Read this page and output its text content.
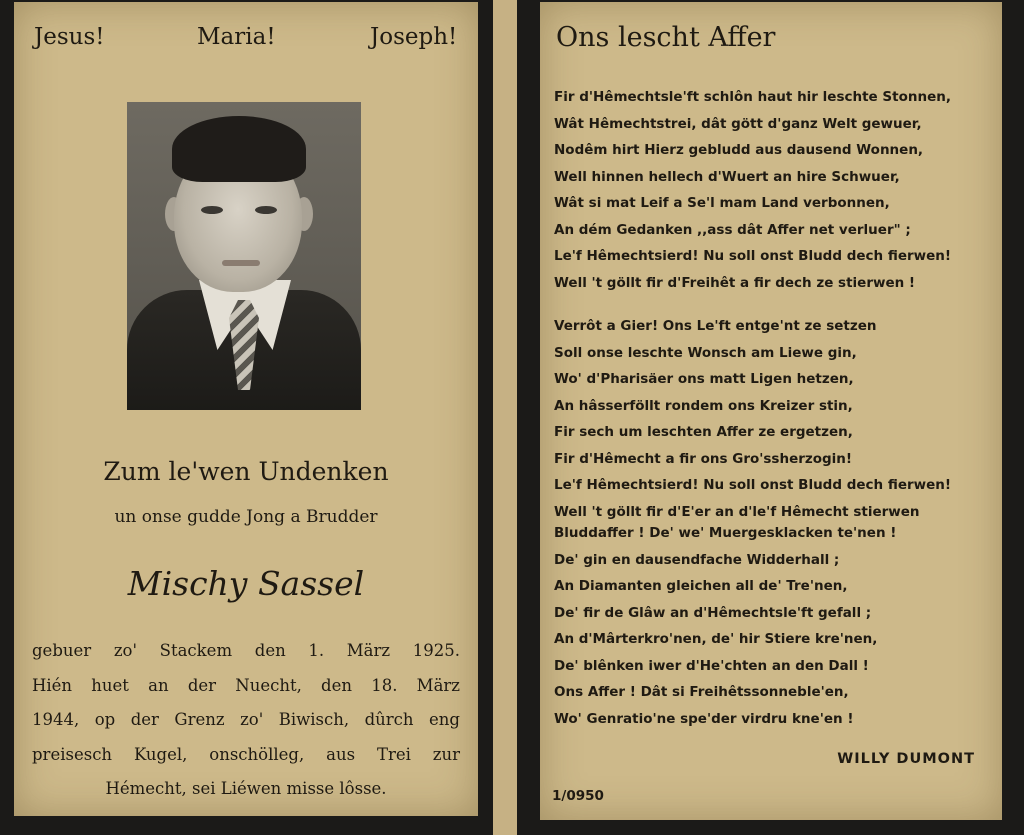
Jesus!	Maria!	Joseph!
Zum le'wen Undenken
un onse gudde Jong a Brudder
Mischy Sassel
gebuer zo' Stackem den 1. März 1925.
Hién huet an der Nuecht, den 18. März
1944, op der Grenz zo' Biwisch, dûrch eng
preisesch Kugel, onschölleg, aus Trei zur
Hémecht, sei Liéwen misse lôsse.
Ons lescht Affer
Fir d'Hêmechtsle'ft schlôn haut hir leschte Stonnen,
Wât Hêmechtstrei, dât gött d'ganz Welt gewuer,
Nodêm hirt Hierz gebludd aus dausend Wonnen,
Well hinnen hellech d'Wuert an hire Schwuer,
Wât si mat Leif a Se'l mam Land verbonnen,
An dém Gedanken ,,ass dât Affer net verluer" ;
Le'f Hêmechtsierd! Nu soll onst Bludd dech fierwen!
Well 't göllt fir d'Freihêt a fir dech ze stierwen !
Verrôt a Gier! Ons Le'ft entge'nt ze setzen
Soll onse leschte Wonsch am Liewe gin,
Wo' d'Pharisäer ons matt Ligen hetzen,
An hâsserföllt rondem ons Kreizer stin,
Fir sech um leschten Affer ze ergetzen,
Fir d'Hêmecht a fir ons Gro'ssherzogin!
Le'f Hêmechtsierd! Nu soll onst Bludd dech fierwen!
Well 't göllt fir d'E'er an d'le'f Hêmecht stierwen
Bluddaffer ! De' we' Muergesklacken te'nen !
De' gin en dausendfache Widderhall ;
An Diamanten gleichen all de' Tre'nen,
De' fir de Glâw an d'Hêmechtsle'ft gefall ;
An d'Mârterkro'nen, de' hir Stiere kre'nen,
De' blênken iwer d'He'chten an den Dall !
Ons Affer ! Dât si Freihêtssonneble'en,
Wo' Genratio'ne spe'der virdru kne'en !
WILLY DUMONT
1/0950
